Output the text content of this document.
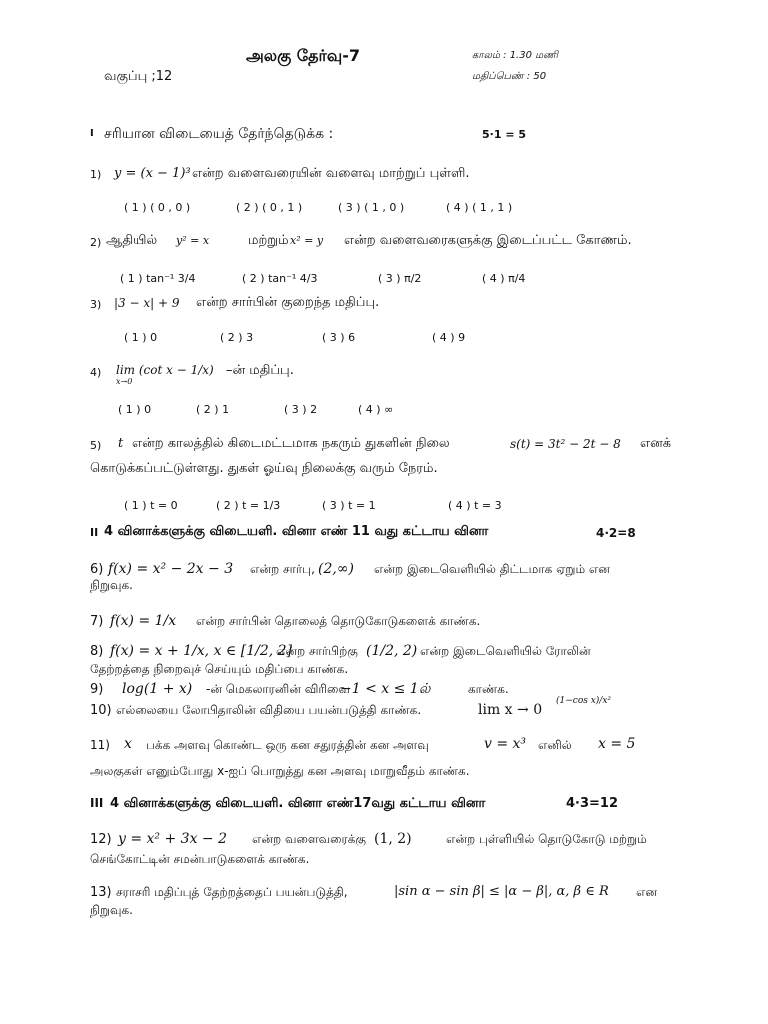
அலகு தேர்வு-7	காலம் : 1.30 மணி
வகுப்பு ;12	மதிப்பெண் : 50
I சரியான விடையைத் தேர்ந்தெடுக்க :	5∙1 = 5
1) y = (x − 1)³ என்ற வளைவரையின் வளைவு மாற்றுப் புள்ளி.
( 1 ) ( 0 , 0 )	( 2 ) ( 0 , 1 )	( 3 ) ( 1 , 0 )	( 4 ) ( 1 , 1 )
2) ஆதியில் y² = x	மற்றும் x² = y என்ற வளைவரைகளுக்கு இடைப்பட்ட கோணம்.
( 1 ) tan⁻¹ 3/4	( 2 ) tan⁻¹ 4/3	( 3 ) π/2	( 4 ) π/4
3) |3 − x| + 9 என்ற சார்பின் குறைந்த மதிப்பு.
( 1 ) 0	( 2 ) 3	( 3 ) 6	( 4 ) 9
4) lim (cot x − 1/x)
x→0
–ன் மதிப்பு.
( 1 ) 0	( 2 ) 1	( 3 ) 2	( 4 ) ∞
5) t என்ற காலத்தில் கிடைமட்டமாக நகரும் துகளின் நிலை	s(t) = 3t² − 2t − 8 எனக்
கொடுக்கப்பட்டுள்ளது. துகள் ஓய்வு நிலைக்கு வரும் நேரம்.
( 1 ) t = 0	( 2 ) t = 1/3	( 3 ) t = 1	( 4 ) t = 3
II 4 வினாக்களுக்கு விடையளி. வினா எண் 11 வது கட்டாய வினா	4∙2=8
6) f(x) = x² − 2x − 3 என்ற சார்பு, (2,∞) என்ற இடைவெளியில் திட்டமாக ஏறும் என
நிறுவுக.
7) f(x) = 1/x என்ற சார்பின் தொலைத் தொடுகோடுகளைக் காண்க.
8) f(x) = x + 1/x, x ∈ [1/2, 2]
என்ற சார்பிற்கு (1/2, 2) என்ற இடைவெளியில் ரோலின்
தேற்றத்தை நிறைவுச் செய்யும் மதிப்பை காண்க.
9) log(1 + x) -ன் மெகலாரனின் விரிவை
−1 < x ≤ 1ல்	காண்க.
10) எல்லையை லோபிதாலின் விதியை பயன்படுத்தி காண்க.	lim x → 0
(1−cos x)/x²
11) x பக்க அளவு கொண்ட ஒரு கன சதுரத்தின் கன அளவு	v = x³ எனில் x = 5
அலகுகள் எனும்போது x-ஐப் பொறுத்து கன அளவு மாறுவீதம் காண்க.
III 4 வினாக்களுக்கு விடையளி. வினா எண்17வது கட்டாய வினா	4∙3=12
12) y = x² + 3x − 2 என்ற வளைவரைக்கு (1, 2)	என்ற புள்ளியில் தொடுகோடு மற்றும்
செங்கோட்டின் சமன்பாடுகளைக் காண்க.
13) சராசரி மதிப்புத் தேற்றத்தைப் பயன்படுத்தி,	|sin α − sin β| ≤ |α − β|, α, β ∈ R என
நிறுவுக.
